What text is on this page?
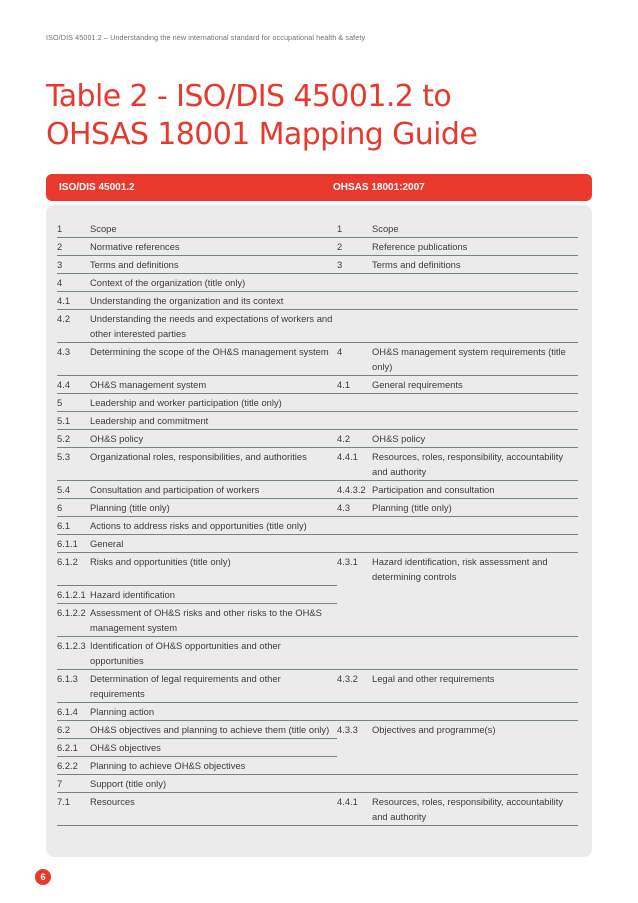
ISO/DIS 45001.2 – Understanding the new international standard for occupational health & safety
Table 2 - ISO/DIS 45001.2 to
OHSAS 18001 Mapping Guide
ISO/DIS 45001.2	OHSAS 18001:2007
1	Scope	1	Scope
2	Normative references	2	Reference publications
3	Terms and definitions	3	Terms and definitions
4	Context of the organization (title only)		
4.1	Understanding the organization and its context		
4.2	Understanding the needs and expectations of workers and other interested parties		
4.3	Determining the scope of the OH&S management system	4	OH&S management system requirements (title only)
4.4	OH&S management system	4.1	General requirements
5	Leadership and worker participation (title only)		
5.1	Leadership and commitment		
5.2	OH&S policy	4.2	OH&S policy
5.3	Organizational roles, responsibilities, and authorities	4.4.1	Resources, roles, responsibility, accountability and authority
5.4	Consultation and participation of workers	4.4.3.2	Participation and consultation
6	Planning (title only)	4.3	Planning (title only)
6.1	Actions to address risks and opportunities (title only)		
6.1.1	General		
6.1.2	Risks and opportunities (title only)	4.3.1	Hazard identification, risk assessment and determining controls
6.1.2.1	Hazard identification		
6.1.2.2	Assessment of OH&S risks and other risks to the OH&S management system		
6.1.2.3	Identification of OH&S opportunities and other opportunities		
6.1.3	Determination of legal requirements and other requirements	4.3.2	Legal and other requirements
6.1.4	Planning action		
6.2	OH&S objectives and planning to achieve them (title only)	4.3.3	Objectives and programme(s)
6.2.1	OH&S objectives		
6.2.2	Planning to achieve OH&S objectives		
7	Support (title only)		
7.1	Resources	4.4.1	Resources, roles, responsibility, accountability and authority
6
